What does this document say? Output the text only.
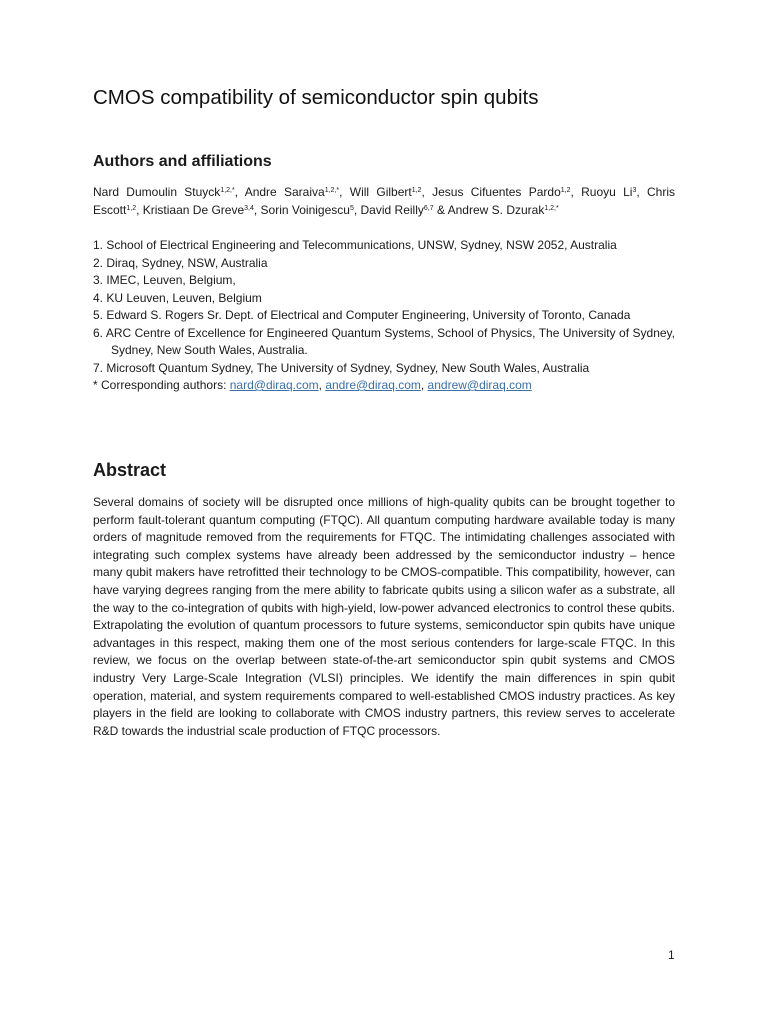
CMOS compatibility of semiconductor spin qubits
Authors and affiliations

Nard Dumoulin Stuyck$^{1,2,*}$, Andre Saraiva$^{1,2,*}$, Will Gilbert$^{1,2}$, Jesus Cifuentes Pardo$^{1,2}$, Ruoyu Li$^3$, Chris Escott$^{1,2}$, Kristiaan De Greve$^{3,4}$, Sorin Voinigescu$^5$, David Reilly$^{6,7}$ & Andrew S. Dzurak$^{1,2,*}$

1. School of Electrical Engineering and Telecommunications, UNSW, Sydney, NSW 2052, Australia
2. Diraq, Sydney, NSW, Australia
3. IMEC, Leuven, Belgium,
4. KU Leuven, Leuven, Belgium
5. Edward S. Rogers Sr. Dept. of Electrical and Computer Engineering, University of Toronto, Canada
6. ARC Centre of Excellence for Engineered Quantum Systems, School of Physics, The University of Sydney, Sydney, New South Wales, Australia.
7. Microsoft Quantum Sydney, The University of Sydney, Sydney, New South Wales, Australia
* Corresponding authors: nard@diraq.com, andre@diraq.com, andrew@diraq.com
Abstract

Several domains of society will be disrupted once millions of high-quality qubits can be brought together to perform fault-tolerant quantum computing (FTQC). All quantum computing hardware available today is many orders of magnitude removed from the requirements for FTQC. The intimidating challenges associated with integrating such complex systems have already been addressed by the semiconductor industry – hence many qubit makers have retrofitted their technology to be CMOS-compatible. This compatibility, however, can have varying degrees ranging from the mere ability to fabricate qubits using a silicon wafer as a substrate, all the way to the co-integration of qubits with high-yield, low-power advanced electronics to control these qubits. Extrapolating the evolution of quantum processors to future systems, semiconductor spin qubits have unique advantages in this respect, making them one of the most serious contenders for large-scale FTQC. In this review, we focus on the overlap between state-of-the-art semiconductor spin qubit systems and CMOS industry Very Large-Scale Integration (VLSI) principles. We identify the main differences in spin qubit operation, material, and system requirements compared to well-established CMOS industry practices. As key players in the field are looking to collaborate with CMOS industry partners, this review serves to accelerate R&D towards the industrial scale production of FTQC processors.

1
